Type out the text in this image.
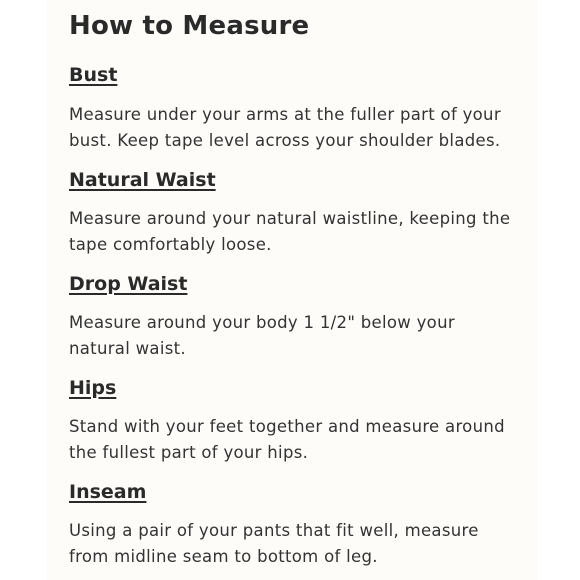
How to Measure
Bust

Measure under your arms at the fuller part of your bust. Keep tape level across your shoulder blades.

Natural Waist

Measure around your natural waistline, keeping the tape comfortably loose.

Drop Waist

Measure around your body 1 1/2" below your natural waist.

Hips

Stand with your feet together and measure around the fullest part of your hips.

Inseam

Using a pair of your pants that fit well, measure from midline seam to bottom of leg.
